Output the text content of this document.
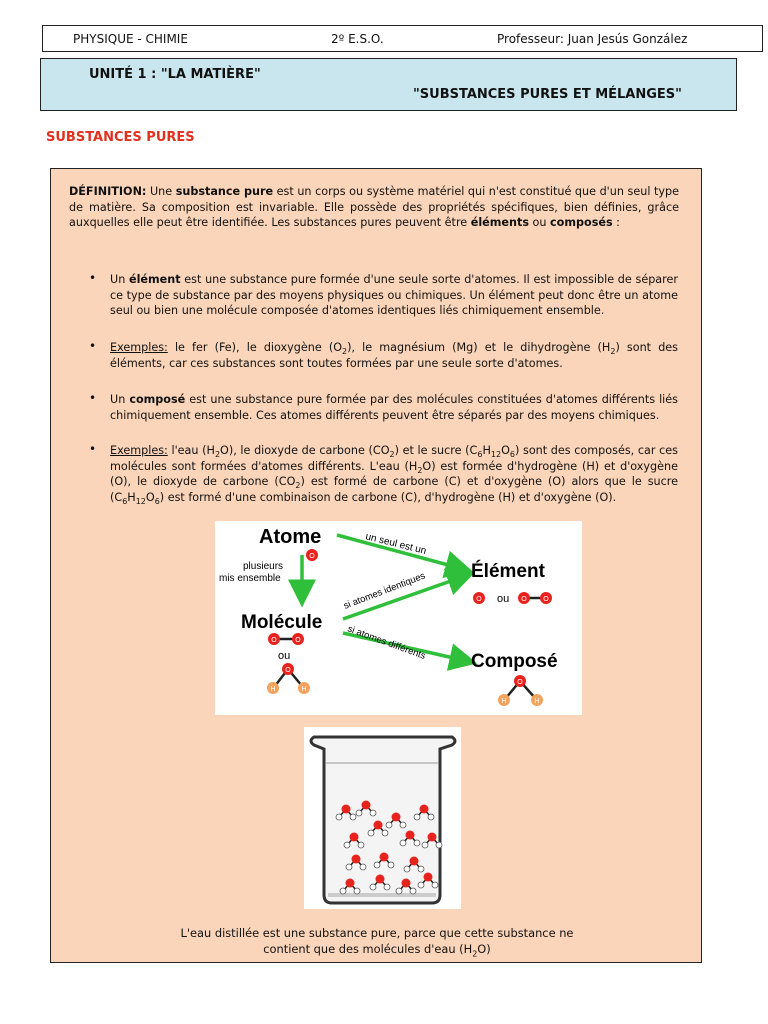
PHYSIQUE - CHIMIE	2º E.S.O.	Professeur: Juan Jesús González
UNITÉ 1 : "LA MATIÈRE"
"SUBSTANCES PURES ET MÉLANGES"
SUBSTANCES PURES

DÉFINITION: Une substance pure est un corps ou système matériel qui n'est constitué que d'un seul type de matière. Sa composition est invariable. Elle possède des propriétés spécifiques, bien définies, grâce auxquelles elle peut être identifiée. Les substances pures peuvent être éléments ou composés :

• Un élément est une substance pure formée d'une seule sorte d'atomes. Il est impossible de séparer ce type de substance par des moyens physiques ou chimiques. Un élément peut donc être un atome seul ou bien une molécule composée d'atomes identiques liés chimiquement ensemble.

• Exemples: le fer (Fe), le dioxygène $(O_2)$, le magnésium (Mg) et le dihydrogène $(H_2)$ sont des éléments, car ces substances sont toutes formées par une seule sorte d'atomes.

• Un composé est une substance pure formée par des molécules constituées d'atomes différents liés chimiquement ensemble. Ces atomes différents peuvent être séparés par des moyens chimiques.

• Exemples: l'eau $(H_2O)$, le dioxyde de carbone $(CO_2)$ et le sucre $(C_6H_{12}O_6)$ sont des composés, car ces molécules sont formées d'atomes différents. L'eau $(H_2O)$ est formée d'hydrogène (H) et d'oxygène (O), le dioxyde de carbone $(CO_2)$ est formé de carbone (C) et d'oxygène (O) alors que le sucre $(C_6H_{12}O_6)$ est formé d'une combinaison de carbone (C), d'hydrogène (H) et d'oxygène (O).

Atome
Molécule
Élément
Composé
plusieurs
mis ensemble
un seul est un
si atomes identiques
si atomes différents
ou
ou
O
O	O
O
H	H
O	O O
O
H	H

L'eau distillée est une substance pure, parce que cette substance ne contient que des molécules d'eau $(H_2O)$
